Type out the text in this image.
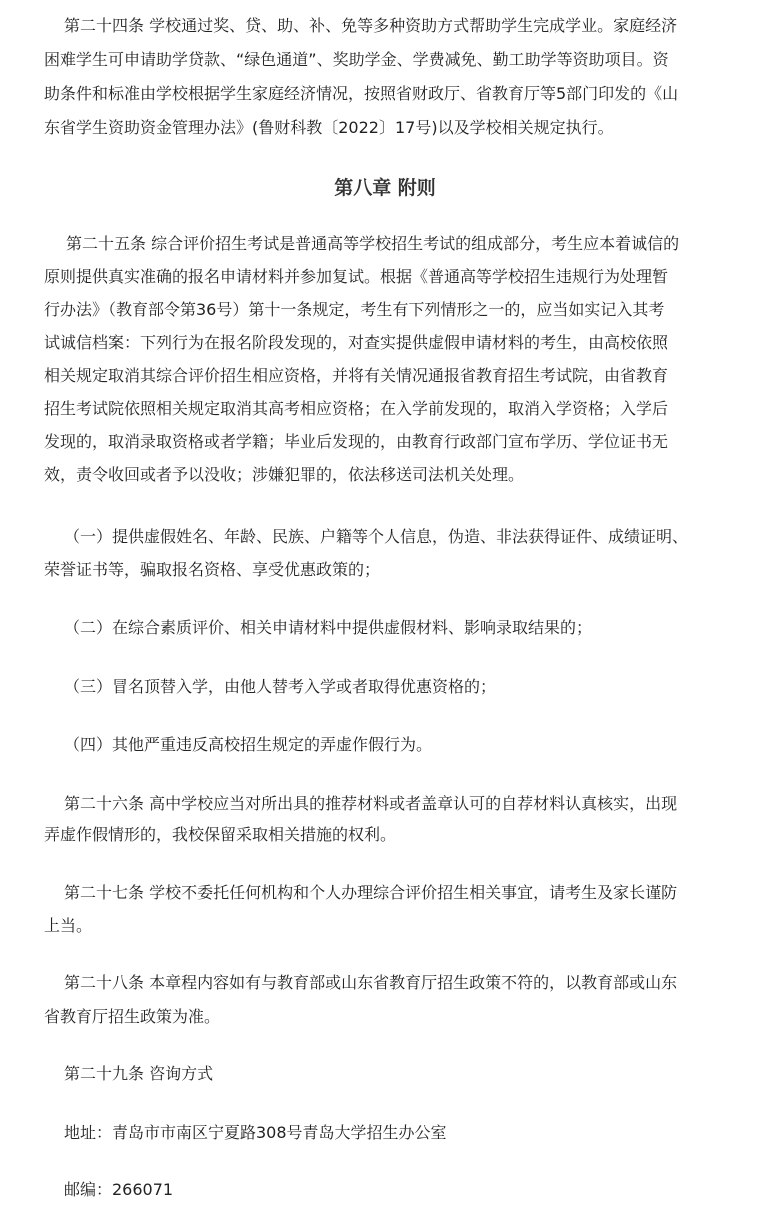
第二十四条 学校通过奖、贷、助、补、免等多种资助方式帮助学生完成学业。家庭经济
困难学生可申请助学贷款、“绿色通道”、奖助学金、学费减免、勤工助学等资助项目。资
助条件和标准由学校根据学生家庭经济情况，按照省财政厅、省教育厅等5部门印发的《山
东省学生资助资金管理办法》(鲁财科教〔2022〕17号)以及学校相关规定执行。
第八章 附则
第二十五条 综合评价招生考试是普通高等学校招生考试的组成部分，考生应本着诚信的
原则提供真实准确的报名申请材料并参加复试。根据《普通高等学校招生违规行为处理暂
行办法》（教育部令第36号）第十一条规定，考生有下列情形之一的，应当如实记入其考
试诚信档案：下列行为在报名阶段发现的，对查实提供虚假申请材料的考生，由高校依照
相关规定取消其综合评价招生相应资格，并将有关情况通报省教育招生考试院，由省教育
招生考试院依照相关规定取消其高考相应资格；在入学前发现的，取消入学资格；入学后
发现的，取消录取资格或者学籍；毕业后发现的，由教育行政部门宣布学历、学位证书无
效，责令收回或者予以没收；涉嫌犯罪的，依法移送司法机关处理。
（一）提供虚假姓名、年龄、民族、户籍等个人信息，伪造、非法获得证件、成绩证明、
荣誉证书等，骗取报名资格、享受优惠政策的；
（二）在综合素质评价、相关申请材料中提供虚假材料、影响录取结果的；
（三）冒名顶替入学，由他人替考入学或者取得优惠资格的；
（四）其他严重违反高校招生规定的弄虚作假行为。
第二十六条 高中学校应当对所出具的推荐材料或者盖章认可的自荐材料认真核实，出现
弄虚作假情形的，我校保留采取相关措施的权利。
第二十七条 学校不委托任何机构和个人办理综合评价招生相关事宜，请考生及家长谨防
上当。
第二十八条 本章程内容如有与教育部或山东省教育厅招生政策不符的，以教育部或山东
省教育厅招生政策为准。
第二十九条 咨询方式
地址：青岛市市南区宁夏路308号青岛大学招生办公室
邮编：266071
